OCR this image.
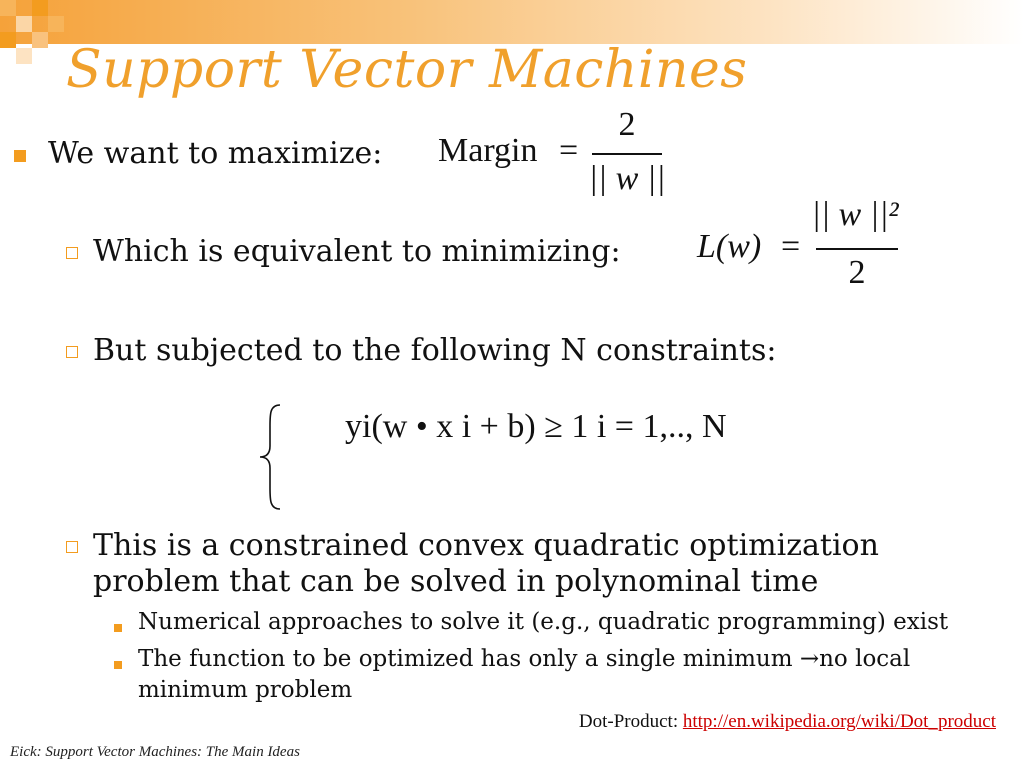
Support Vector Machines
We want to maximize: Margin =
2
|| w ||
Which is equivalent to minimizing: L(w) =
|| w ||²
2
But subjected to the following N constraints:
yi(w • x i + b) ≥ 1 i = 1,.., N
This is a constrained convex quadratic optimization
problem that can be solved in polynominal time
Numerical approaches to solve it (e.g., quadratic programming) exist
The function to be optimized has only a single minimum →no local
minimum problem
Dot-Product: http://en.wikipedia.org/wiki/Dot_product
Eick: Support Vector Machines: The Main Ideas
